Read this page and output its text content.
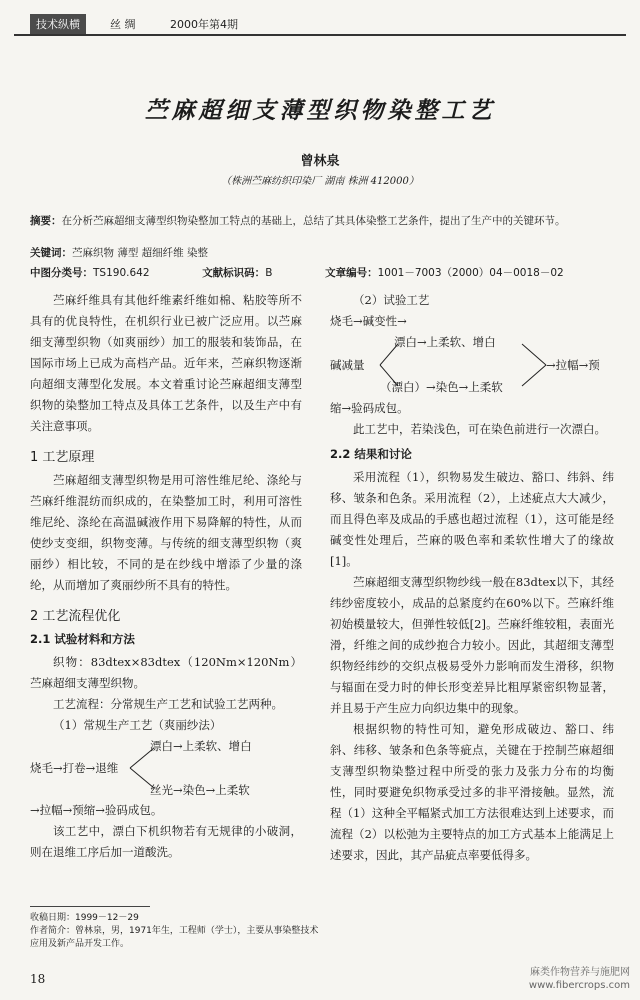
技术纵横	丝 绸	2000年第4期
苎麻超细支薄型织物染整工艺
曾林泉
（株洲苎麻纺织印染厂 湖南 株洲 412000）
摘要：在分析苎麻超细支薄型织物染整加工特点的基础上，总结了其具体染整工艺条件，提出了生产中的关键环节。
关键词：苎麻织物 薄型 超细纤维 染整
中图分类号：TS190.642	文献标识码：B	文章编号：1001－7003（2000）04－0018－02

苎麻纤维具有其他纤维素纤维如棉、粘胶等所不具有的优良特性，在机织行业已被广泛应用。以苎麻细支薄型织物（如爽丽纱）加工的服装和装饰品，在国际市场上已成为高档产品。近年来，苎麻织物逐渐向超细支薄型化发展。本文着重讨论苎麻超细支薄型织物的染整加工特点及具体工艺条件，以及生产中有关注意事项。

1 工艺原理

苎麻超细支薄型织物是用可溶性维尼纶、涤纶与苎麻纤维混纺而织成的，在染整加工时，利用可溶性维尼纶、涤纶在高温碱液作用下易降解的特性，从而使纱支变细，织物变薄。与传统的细支薄型织物（爽丽纱）相比较，不同的是在纱线中增添了少量的涤纶，从而增加了爽丽纱所不具有的特性。

2 工艺流程优化
2.1 试验材料和方法

织物：83dtex×83dtex（120Nm×120Nm）苎麻超细支薄型织物。

工艺流程：分常规生产工艺和试验工艺两种。

（1）常规生产工艺（爽丽纱法）

漂白→上柔软、增白
烧毛→打卷→退维
丝光→染色→上柔软

→拉幅→预缩→验码成包。

该工艺中，漂白下机织物若有无规律的小破洞，则在退维工序后加一道酸洗。

（2）试验工艺

烧毛→碱变性→

漂白→上柔软、增白
碱减量	→拉幅→预
（漂白）→染色→上柔软

缩→验码成包。

此工艺中，若染浅色，可在染色前进行一次漂白。

2.2 结果和讨论

采用流程（1），织物易发生破边、豁口、纬斜、纬移、皱条和色条。采用流程（2），上述疵点大大减少，而且得色率及成品的手感也超过流程（1），这可能是经碱变性处理后，苎麻的吸色率和柔软性增大了的缘故[1]。

苎麻超细支薄型织物纱线一般在83dtex以下，其经纬纱密度较小，成品的总紧度约在60%以下。苎麻纤维初始模量较大，但弹性较低[2]。苎麻纤维较粗，表面光滑，纤维之间的成纱抱合力较小。因此，其超细支薄型织物经纬纱的交织点极易受外力影响而发生滑移，织物与辐面在受力时的伸长形变差异比粗厚紧密织物显著，并且易于产生应力向织边集中的现象。

根据织物的特性可知，避免形成破边、豁口、纬斜、纬移、皱条和色条等疵点，关键在于控制苎麻超细支薄型织物染整过程中所受的张力及张力分布的均衡性，同时要避免织物承受过多的非平滑接触。显然，流程（1）这种全平幅紧式加工方法很难达到上述要求，而流程（2）以松弛为主要特点的加工方式基本上能满足上述要求，因此，其产品疵点率要低得多。

收稿日期：1999－12－29
作者简介：曾林泉，男，1971年生，工程师（学士），主要从事染整技术应用及新产品开发工作。
18	麻类作物营养与施肥网
www.fibercrops.com
